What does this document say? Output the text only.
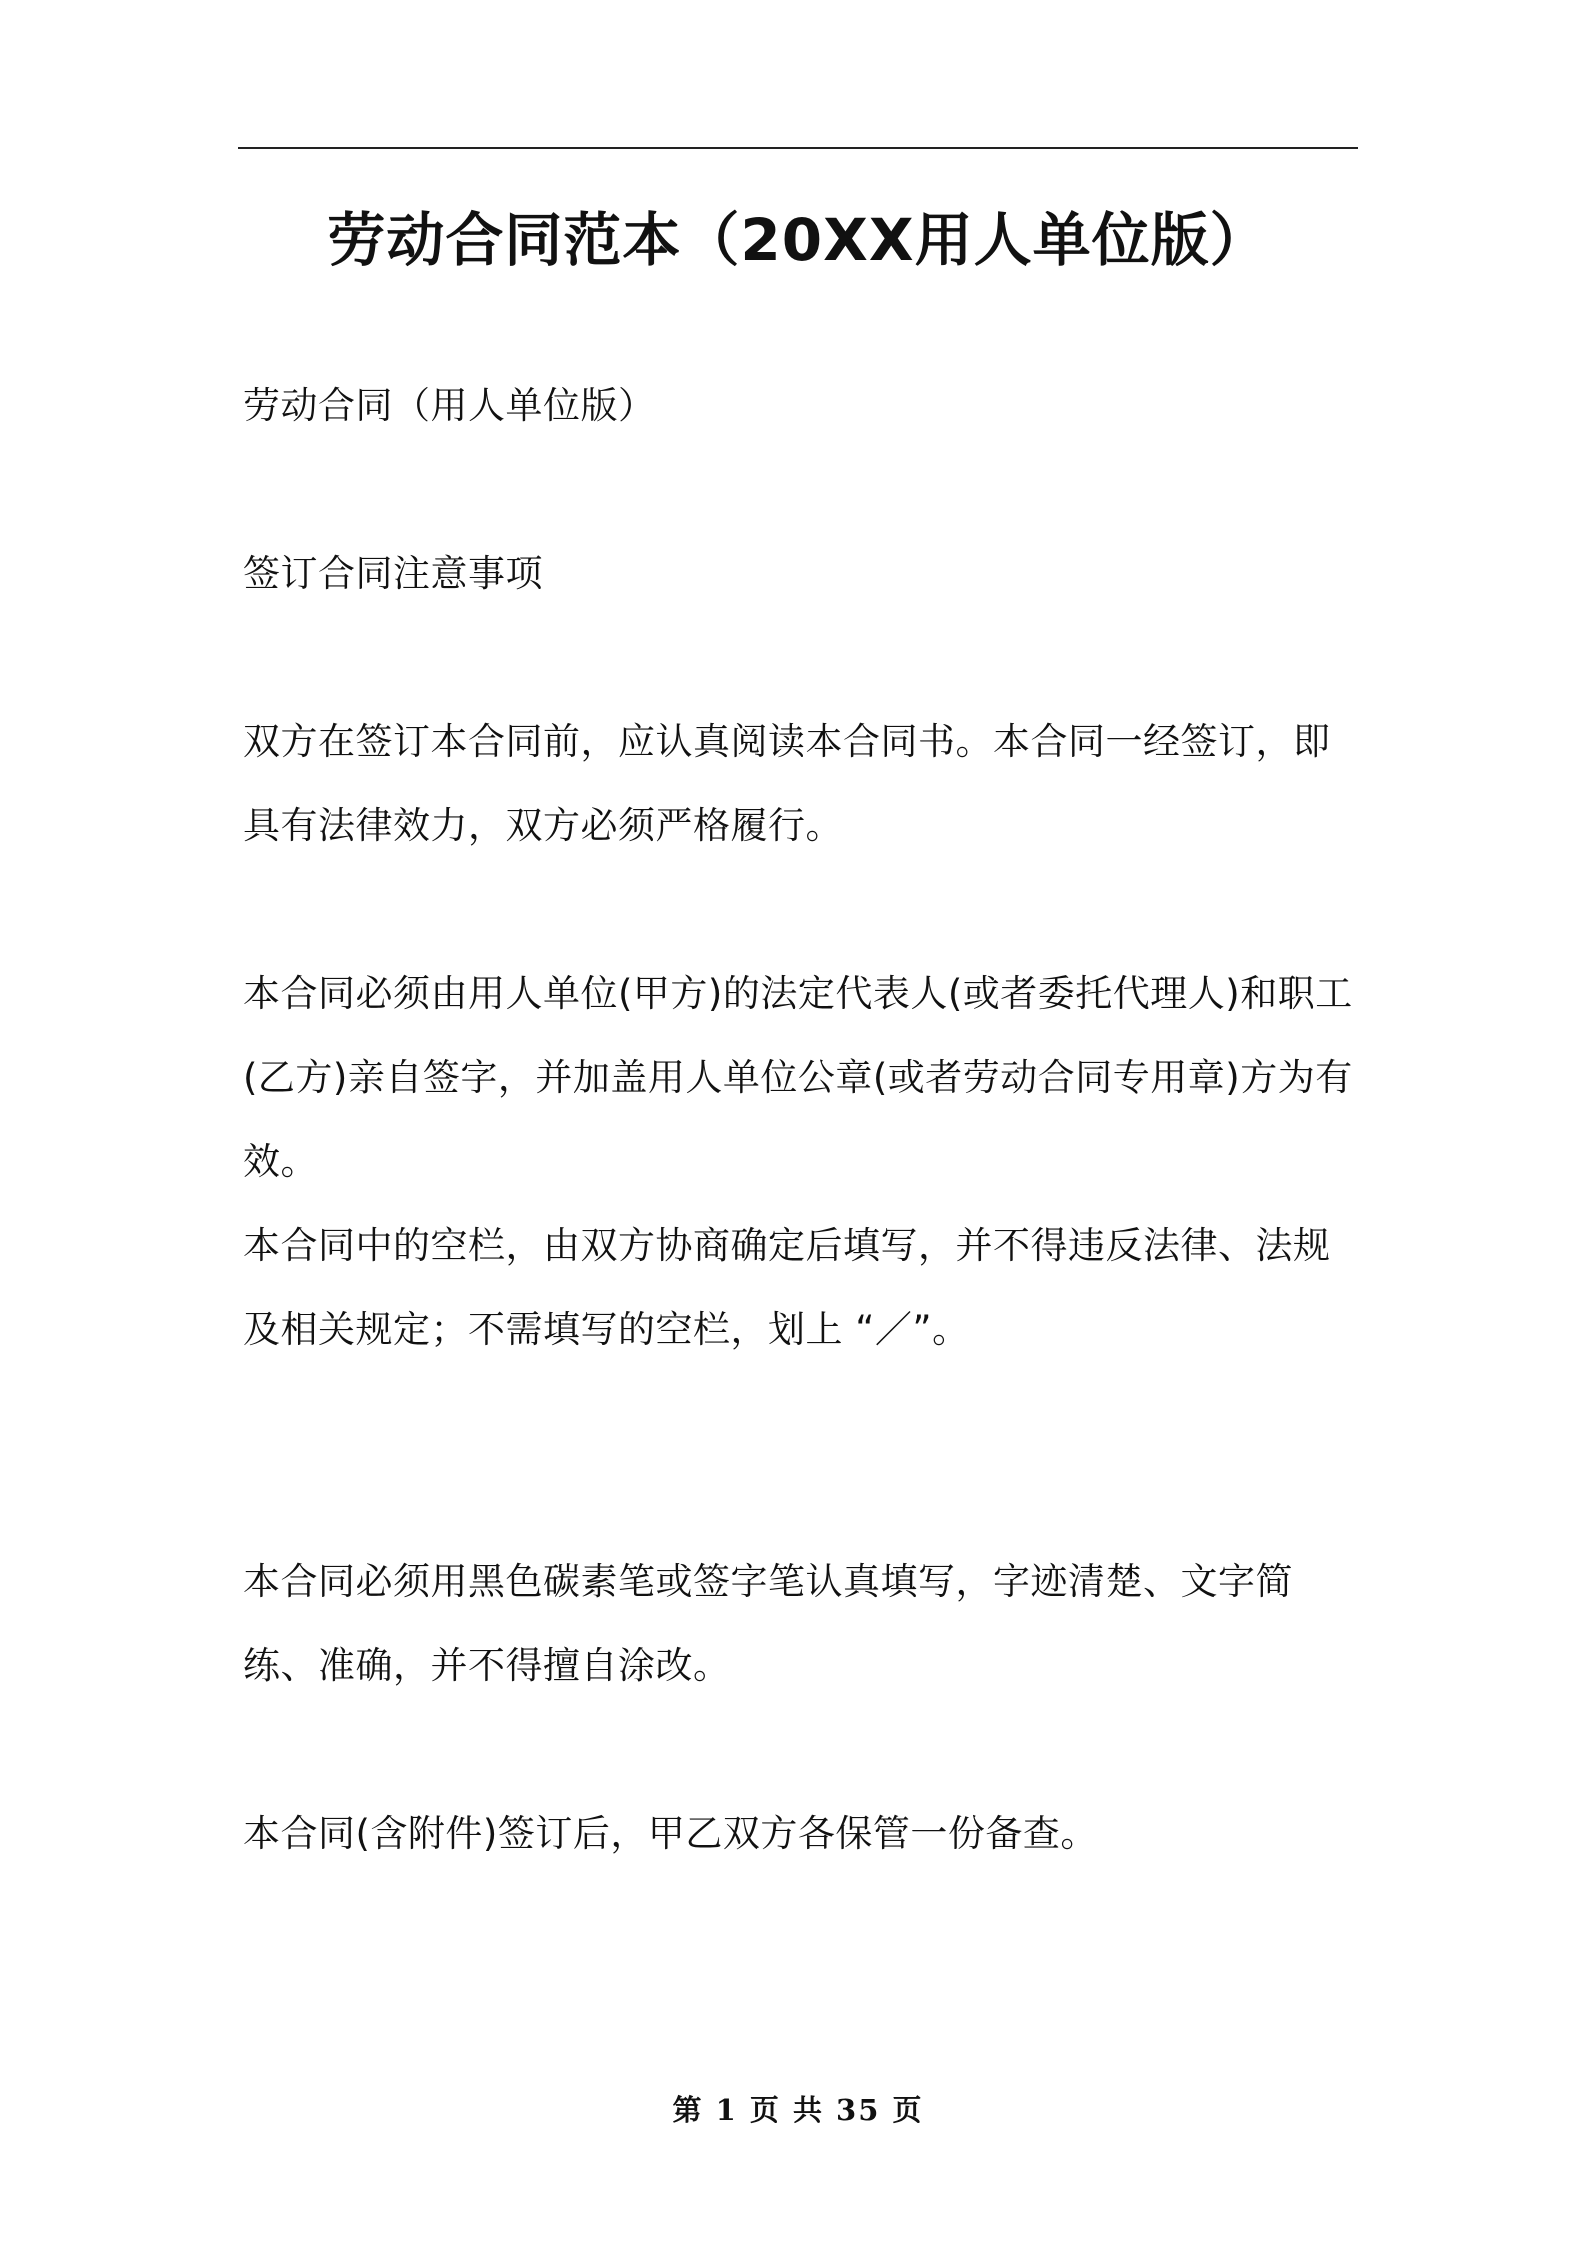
劳动合同范本（20XX用人单位版）

劳动合同（用人单位版）

签订合同注意事项

双方在签订本合同前，应认真阅读本合同书。本合同一经签订，即具有法律效力，双方必须严格履行。

本合同必须由用人单位(甲方)的法定代表人(或者委托代理人)和职工(乙方)亲自签字，并加盖用人单位公章(或者劳动合同专用章)方为有效。

本合同中的空栏，由双方协商确定后填写，并不得违反法律、法规及相关规定；不需填写的空栏，划上 “／”。

本合同必须用黑色碳素笔或签字笔认真填写，字迹清楚、文字简练、准确，并不得擅自涂改。

本合同(含附件)签订后，甲乙双方各保管一份备查。

第 1 页 共 35 页
